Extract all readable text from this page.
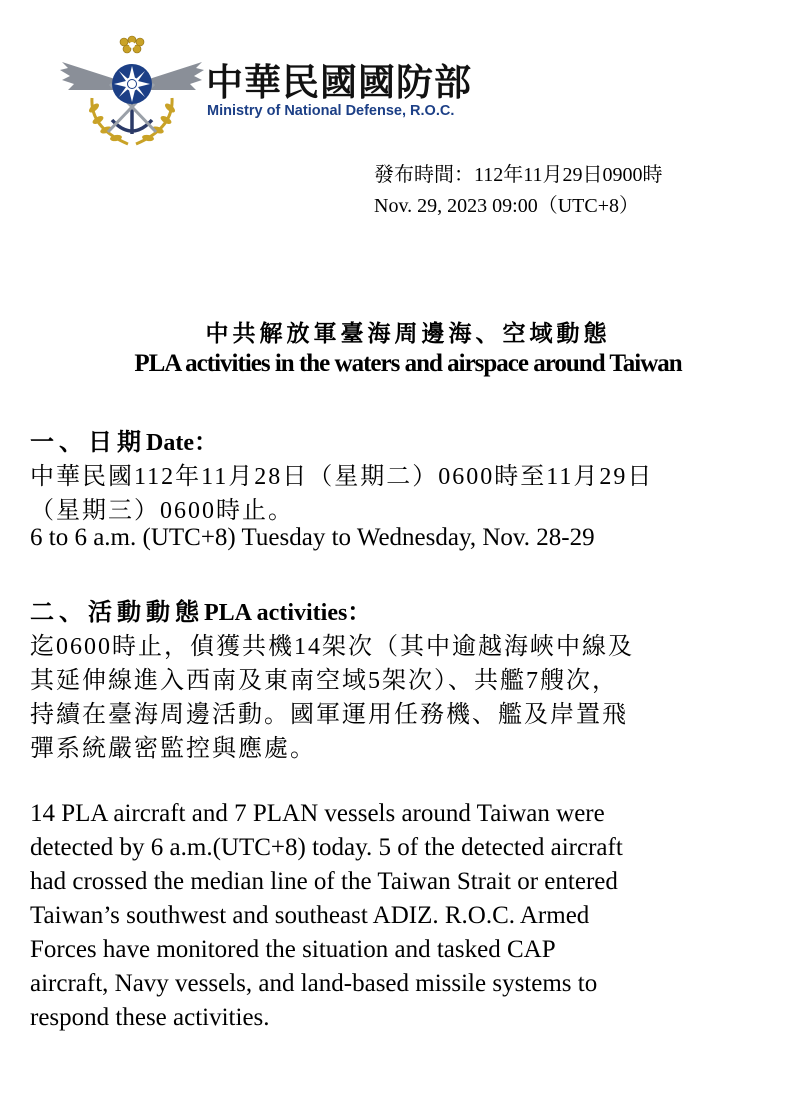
中華民國國防部
Ministry of National Defense, R.O.C.
發布時間：112年11月29日0900時
Nov. 29, 2023 09:00（UTC+8）
中共解放軍臺海周邊海、空域動態
PLA activities in the waters and airspace around Taiwan
一、日期Date：
中華民國112年11月28日（星期二）0600時至11月29日
（星期三）0600時止。
6 to 6 a.m. (UTC+8) Tuesday to Wednesday, Nov. 28-29
二、活動動態PLA activities：
迄0600時止，偵獲共機14架次（其中逾越海峽中線及
其延伸線進入西南及東南空域5架次）、共艦7艘次，
持續在臺海周邊活動。國軍運用任務機、艦及岸置飛
彈系統嚴密監控與應處。
14 PLA aircraft and 7 PLAN vessels around Taiwan were
detected by 6 a.m.(UTC+8) today. 5 of the detected aircraft
had crossed the median line of the Taiwan Strait or entered
Taiwan’s southwest and southeast ADIZ. R.O.C. Armed
Forces have monitored the situation and tasked CAP
aircraft, Navy vessels, and land-based missile systems to
respond these activities.
